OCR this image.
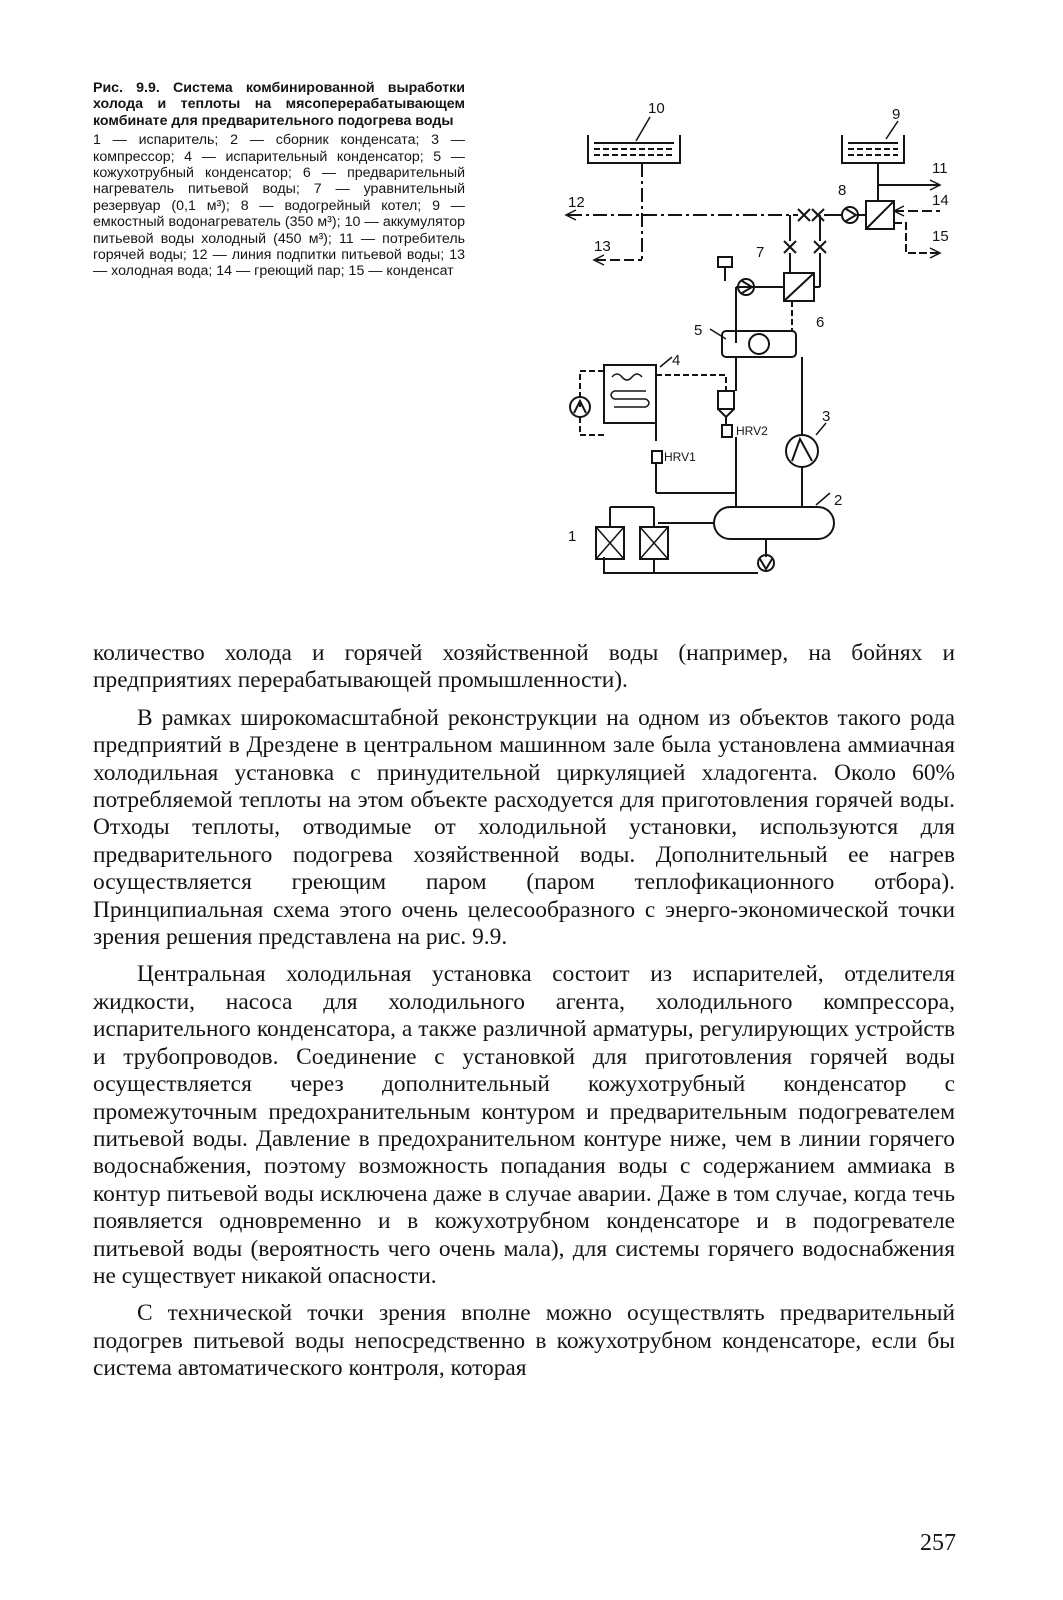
Рис. 9.9. Система комбинированной выработки холода и теплоты на мясоперерабатывающем комбинате для предварительного подогрева воды

1 — испаритель; 2 — сборник конденсата; 3 — компрессор; 4 — испарительный конденсатор; 5 — кожухотрубный конденсатор; 6 — предварительный нагреватель питьевой воды; 7 — уравнительный резервуар (0,1 м³); 8 — водогрейный котел; 9 — емкостный водонагреватель (350 м³); 10 — аккумулятор питьевой воды холодный (450 м³); 11 — потребитель горячей воды; 12 — линия подпитки питьевой воды; 13 — холодная вода; 14 — греющий пар; 15 — конденсат

10	9
12
13
8
11
14
15
6
7
5
4
HRV2
HRV1
3
2
1

количество холода и горячей хозяйственной воды (например, на бойнях и предприятиях перерабатывающей промышленности).

В рамках широкомасштабной реконструкции на одном из объектов такого рода предприятий в Дрездене в центральном машинном зале была установлена аммиачная холодильная установка с принудительной циркуляцией хладогента. Около 60% потребляемой теплоты на этом объекте расходуется для приготовления горячей воды. Отходы теплоты, отводимые от холодильной установки, используются для предварительного подогрева хозяйственной воды. Дополнительный ее нагрев осуществляется греющим паром (паром теплофикационного отбора). Принципиальная схема этого очень целесообразного с энерго-экономической точки зрения решения представлена на рис. 9.9.

Центральная холодильная установка состоит из испарителей, отделителя жидкости, насоса для холодильного агента, холодильного компрессора, испарительного конденсатора, а также различной арматуры, регулирующих устройств и трубопроводов. Соединение с установкой для приготовления горячей воды осуществляется через дополнительный кожухотрубный конденсатор с промежуточным предохранительным контуром и предварительным подогревателем питьевой воды. Давление в предохранительном контуре ниже, чем в линии горячего водоснабжения, поэтому возможность попадания воды с содержанием аммиака в контур питьевой воды исключена даже в случае аварии. Даже в том случае, когда течь появляется одновременно и в кожухотрубном конденсаторе и в подогревателе питьевой воды (вероятность чего очень мала), для системы горячего водоснабжения не существует никакой опасности.

С технической точки зрения вполне можно осуществлять предварительный подогрев питьевой воды непосредственно в кожухотрубном конденсаторе, если бы система автоматического контроля, которая

257
